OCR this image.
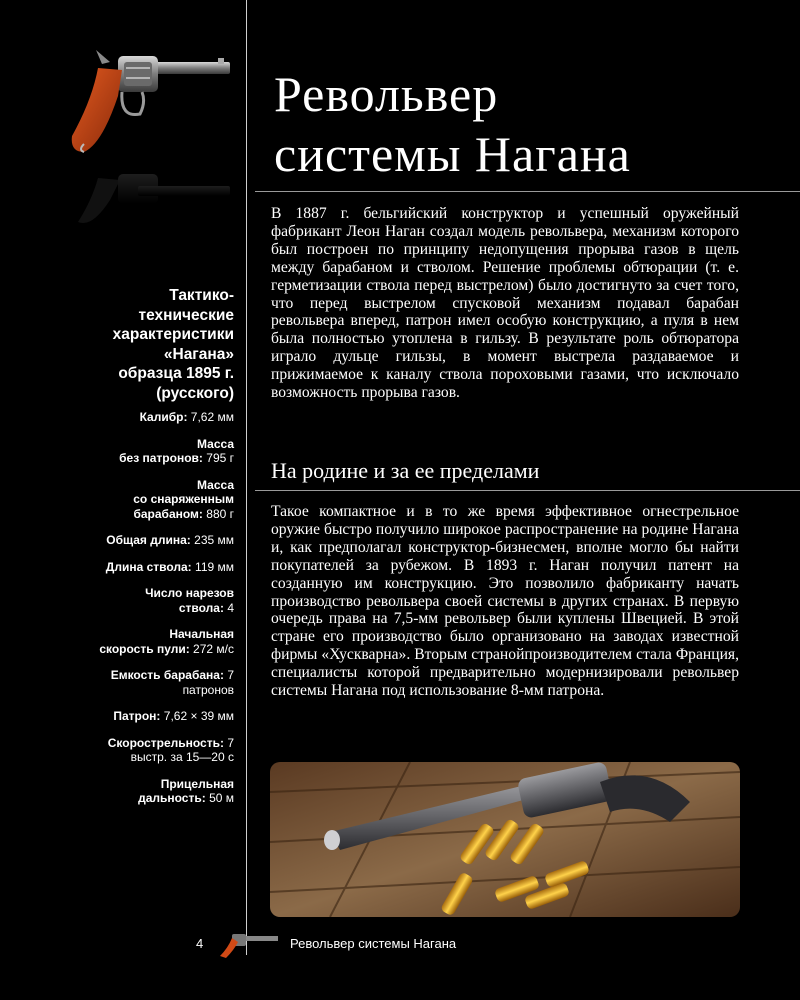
Тактико-
технические
характеристики
«Нагана»
образца 1895 г.
(русского)
Калибр: 7,62 мм
Масса
без патронов: 795 г
Масса
со снаряженным
барабаном: 880 г
Общая длина: 235 мм
Длина ствола: 119 мм
Число нарезов
ствола: 4
Начальная
скорость пули: 272 м/с
Емкость барабана: 7 патронов
Патрон: 7,62 × 39 мм
Скорострельность: 7 выстр. за 15—20 с
Прицельная
дальность: 50 м
Револьвер
системы Нагана

В 1887 г. бельгийский конструктор и успешный оружейный фабрикант Леон Наган создал модель револьвера, механизм которого был построен по принципу недопущения прорыва газов в щель между барабаном и стволом. Решение проблемы обтюрации (т. е. герметизации ствола перед выстрелом) было достигнуто за счет того, что перед выстрелом спусковой механизм подавал барабан револьвера вперед, патрон имел особую конструкцию, а пуля в нем была полностью утоплена в гильзу. В результате роль обтюратора играло дульце гильзы, в момент выстрела раздаваемое и прижимаемое к каналу ствола пороховыми газами, что исключало возможность прорыва газов.

На родине и за ее пределами

Такое компактное и в то же время эффективное огнестрельное оружие быстро получило широкое распространение на родине Нагана и, как предполагал конструктор-бизнесмен, вполне могло бы найти покупателей за рубежом. В 1893 г. Наган получил патент на созданную им конструкцию. Это позволило фабриканту начать производство револьвера своей системы в других странах. В первую очередь права на 7,5-мм револьвер были куплены Швецией. В этой стране его производство было организовано на заводах известной фирмы «Хускварна». Вторым странойпроизводителем стала Франция, специалисты которой предварительно модернизировали револьвер системы Нагана под использование 8-мм патрона.

4	Револьвер системы Нагана
